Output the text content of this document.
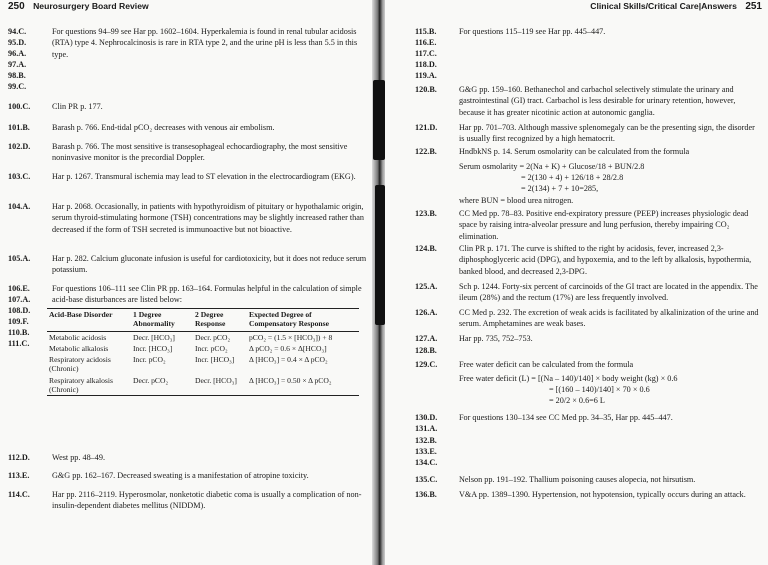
250 Neurosurgery Board Review
94.C.	For questions 94–99 see Har pp. 1602–1604. Hyperkalemia is found in renal tubular acidosis (RTA) type 4. Nephrocalcinosis is rare in RTA type 2, and the urine pH is less than 5.5 in this type.
95.D.
96.A.
97.A.
98.B.
99.C.
100.C.	Clin PR p. 177.
101.B.	Barash p. 766. End-tidal pCO₂ decreases with venous air embolism.
102.D.	Barash p. 766. The most sensitive is transesophageal echocardiography, the most sensitive noninvasive monitor is the precordial Doppler.
103.C.	Har p. 1267. Transmural ischemia may lead to ST elevation in the electrocardiogram (EKG).
104.A.	Har p. 2068. Occasionally, in patients with hypothyroidism of pituitary or hypothalamic origin, serum thyroid-stimulating hormone (TSH) concentrations may be slightly increased rather than decreased if the form of TSH secreted is immunoactive but not bioactive.
105.A.	Har p. 282. Calcium gluconate infusion is useful for cardiotoxicity, but it does not reduce serum potassium.
106.E.	For questions 106–111 see Clin PR pp. 163–164. Formulas helpful in the calculation of simple acid-base disturbances are listed below:
107.A.
108.D.
109.F.
110.B.
111.C.
Acid-Base Disorder	1 Degree Abnormality	2 Degree Response	Expected Degree of Compensatory Response
Metabolic acidosis	Decr. [HCO₃]	Decr. pCO₂	pCO₂ = (1.5 × [HCO₃]) + 8
Metabolic alkalosis	Incr. [HCO₃]	Incr. pCO₂	Δ pCO₂ = 0.6 × Δ[HCO₃]
Respiratory acidosis (Chronic)	Incr. pCO₂	Incr. [HCO₃]	Δ [HCO₃] = 0.4 × Δ pCO₂
Respiratory alkalosis (Chronic)	Decr. pCO₂	Decr. [HCO₃]	Δ [HCO₃] = 0.50 × Δ pCO₂
112.D.	West pp. 48–49.
113.E.	G&G pp. 162–167. Decreased sweating is a manifestation of atropine toxicity.
114.C.	Har pp. 2116–2119. Hyperosmolar, nonketotic diabetic coma is usually a complication of non-insulin-dependent diabetes mellitus (NIDDM).
Clinical Skills/Critical Care|Answers 251
115.B.	For questions 115–119 see Har pp. 445–447.
116.E.
117.C.
118.D.
119.A.
120.B.	G&G pp. 159–160. Bethanechol and carbachol selectively stimulate the urinary and gastrointestinal (GI) tract. Carbachol is less desirable for urinary retention, however, because it has greater nicotinic action at autonomic ganglia.
121.D.	Har pp. 701–703. Although massive splenomegaly can be the presenting sign, the disorder is usually first recognized by a high hematocrit.
122.B.	HndbkNS p. 14. Serum osmolarity can be calculated from the formula
Serum osmolarity = 2(Na + K) + Glucose/18 + BUN/2.8
= 2(130 + 4) + 126/18 + 28/2.8
= 2(134) + 7 + 10=285,
where BUN = blood urea nitrogen.
123.B.	CC Med pp. 78–83. Positive end-expiratory pressure (PEEP) increases physiologic dead space by raising intra-alveolar pressure and lung perfusion, thereby impairing CO₂ elimination.
124.B.	Clin PR p. 171. The curve is shifted to the right by acidosis, fever, increased 2,3-diphosphoglyceric acid (DPG), and hypoxemia, and to the left by alkalosis, hypothermia, banked blood, and decreased 2,3-DPG.
125.A.	Sch p. 1244. Forty-six percent of carcinoids of the GI tract are located in the appendix. The ileum (28%) and the rectum (17%) are less frequently involved.
126.A.	CC Med p. 232. The excretion of weak acids is facilitated by alkalinization of the urine and serum. Amphetamines are weak bases.
127.A.	Har pp. 735, 752–753.
128.B.
129.C.	Free water deficit can be calculated from the formula
Free water deficit (L) = [(Na – 140)/140] × body weight (kg) × 0.6
= [(160 – 140)/140] × 70 × 0.6
= 20/2 × 0.6=6 L
130.D.	For questions 130–134 see CC Med pp. 34–35, Har pp. 445–447.
131.A.
132.B.
133.E.
134.C.
135.C.	Nelson pp. 191–192. Thallium poisoning causes alopecia, not hirsutism.
136.B.	V&A pp. 1389–1390. Hypertension, not hypotension, typically occurs during an attack.
